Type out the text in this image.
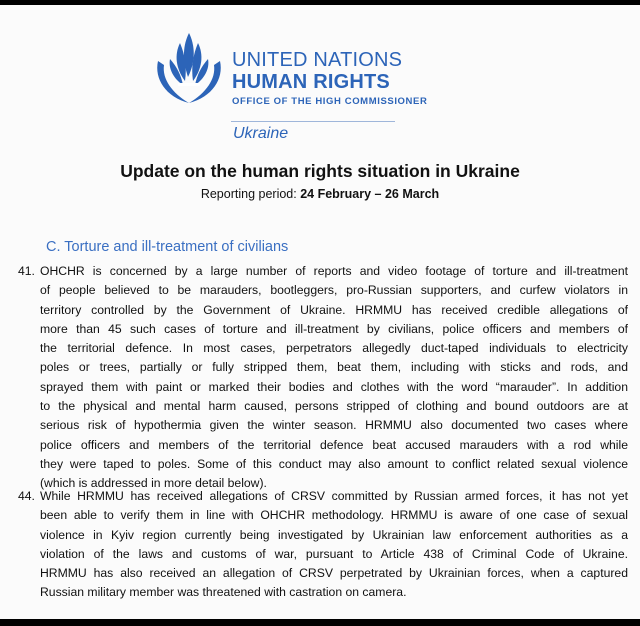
UNITED NATIONS
HUMAN RIGHTS
OFFICE OF THE HIGH COMMISSIONER
Ukraine
Update on the human rights situation in Ukraine
Reporting period: 24 February – 26 March
C. Torture and ill-treatment of civilians
41. OHCHR is concerned by a large number of reports and video footage of torture and ill-treatment
of people believed to be marauders, bootleggers, pro-Russian supporters, and curfew violators in
territory controlled by the Government of Ukraine. HRMMU has received credible allegations of
more than 45 such cases of torture and ill-treatment by civilians, police officers and members of
the territorial defence. In most cases, perpetrators allegedly duct-taped individuals to electricity
poles or trees, partially or fully stripped them, beat them, including with sticks and rods, and
sprayed them with paint or marked their bodies and clothes with the word “marauder”. In addition
to the physical and mental harm caused, persons stripped of clothing and bound outdoors are at
serious risk of hypothermia given the winter season. HRMMU also documented two cases where
police officers and members of the territorial defence beat accused marauders with a rod while
they were taped to poles. Some of this conduct may also amount to conflict related sexual violence
(which is addressed in more detail below).
44. While HRMMU has received allegations of CRSV committed by Russian armed forces, it has not yet
been able to verify them in line with OHCHR methodology. HRMMU is aware of one case of sexual
violence in Kyiv region currently being investigated by Ukrainian law enforcement authorities as a
violation of the laws and customs of war, pursuant to Article 438 of Criminal Code of Ukraine.
HRMMU has also received an allegation of CRSV perpetrated by Ukrainian forces, when a captured
Russian military member was threatened with castration on camera.
